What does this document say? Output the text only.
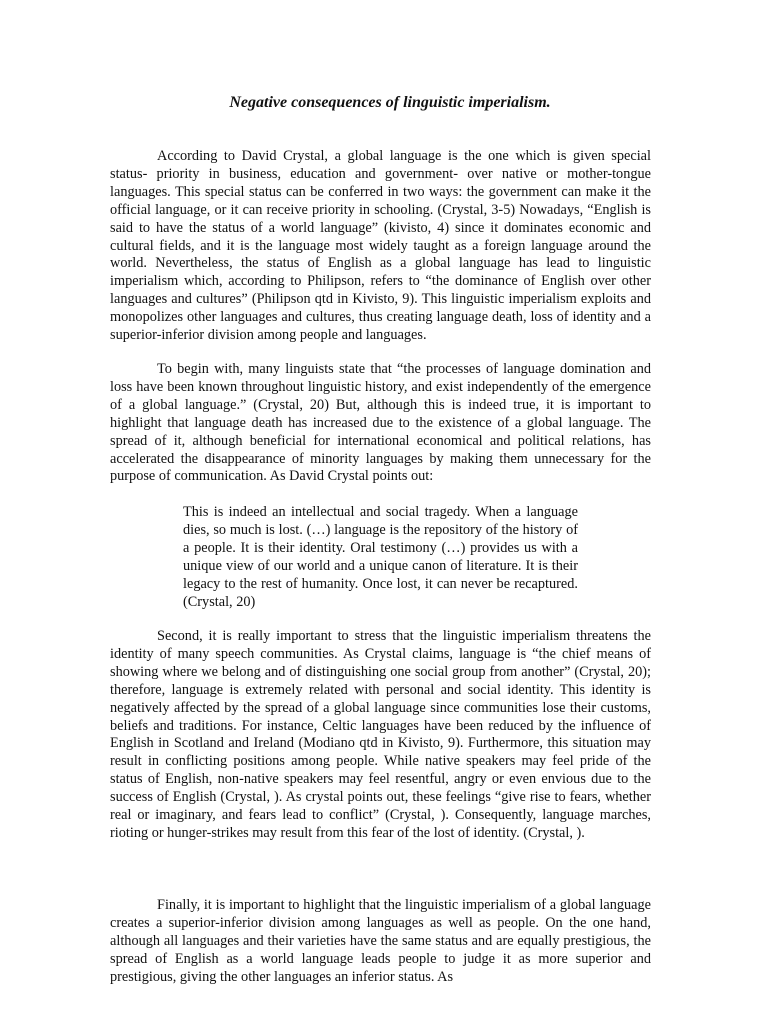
Negative consequences of linguistic imperialism.

According to David Crystal, a global language is the one which is given special status- priority in business, education and government- over native or mother-tongue languages. This special status can be conferred in two ways: the government can make it the official language, or it can receive priority in schooling. (Crystal, 3-5) Nowadays, “English is said to have the status of a world language” (kivisto, 4) since it dominates economic and cultural fields, and it is the language most widely taught as a foreign language around the world. Nevertheless, the status of English as a global language has lead to linguistic imperialism which, according to Philipson, refers to “the dominance of English over other languages and cultures” (Philipson qtd in Kivisto, 9). This linguistic imperialism exploits and monopolizes other languages and cultures, thus creating language death, loss of identity and a superior-inferior division among people and languages.

To begin with, many linguists state that “the processes of language domination and loss have been known throughout linguistic history, and exist independently of the emergence of a global language.” (Crystal, 20) But, although this is indeed true, it is important to highlight that language death has increased due to the existence of a global language. The spread of it, although beneficial for international economical and political relations, has accelerated the disappearance of minority languages by making them unnecessary for the purpose of communication. As David Crystal points out:

This is indeed an intellectual and social tragedy. When a language dies, so much is lost. (…) language is the repository of the history of a people. It is their identity. Oral testimony (…) provides us with a unique view of our world and a unique canon of literature. It is their legacy to the rest of humanity. Once lost, it can never be recaptured. (Crystal, 20)

Second, it is really important to stress that the linguistic imperialism threatens the identity of many speech communities. As Crystal claims, language is “the chief means of showing where we belong and of distinguishing one social group from another” (Crystal, 20); therefore, language is extremely related with personal and social identity. This identity is negatively affected by the spread of a global language since communities lose their customs, beliefs and traditions. For instance, Celtic languages have been reduced by the influence of English in Scotland and Ireland (Modiano qtd in Kivisto, 9). Furthermore, this situation may result in conflicting positions among people. While native speakers may feel pride of the status of English, non-native speakers may feel resentful, angry or even envious due to the success of English (Crystal, ). As crystal points out, these feelings “give rise to fears, whether real or imaginary, and fears lead to conflict” (Crystal, ). Consequently, language marches, rioting or hunger-strikes may result from this fear of the lost of identity. (Crystal, ).

Finally, it is important to highlight that the linguistic imperialism of a global language creates a superior-inferior division among languages as well as people. On the one hand, although all languages and their varieties have the same status and are equally prestigious, the spread of English as a world language leads people to judge it as more superior and prestigious, giving the other languages an inferior status. As
